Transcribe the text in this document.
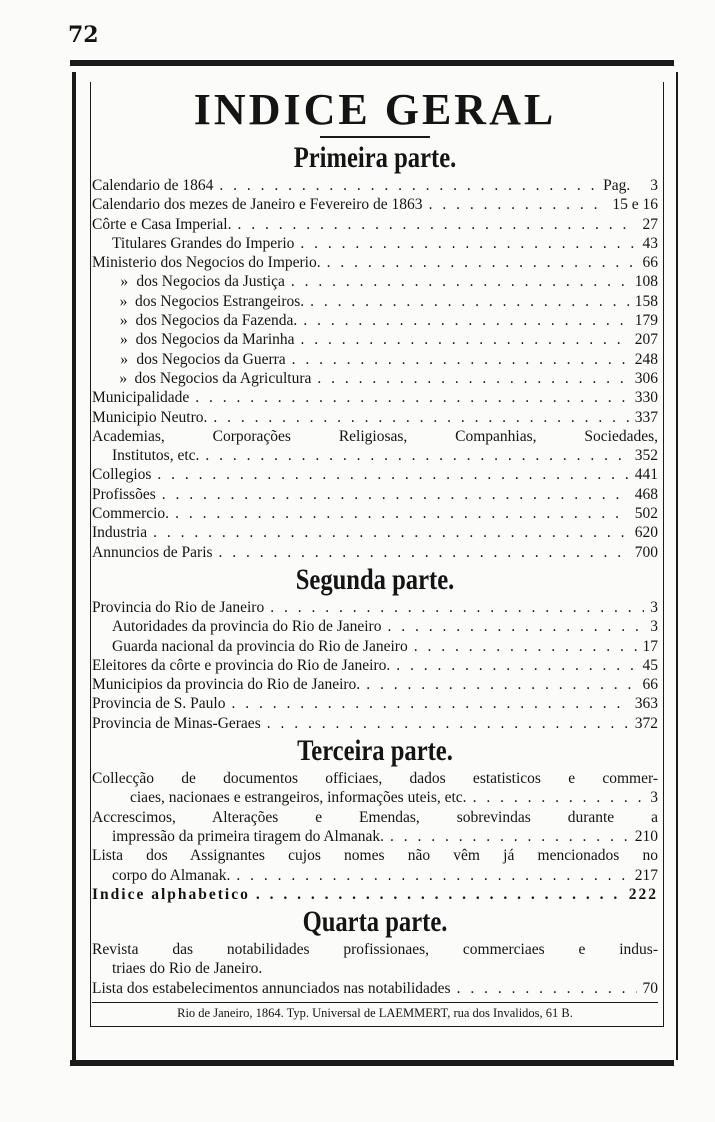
72
INDICE GERAL
Primeira parte.
Calendario de 1864 . . .	Pag. 3
Calendario dos mezes de Janeiro e Fevereiro de 1863 . . .	15 e 16
Côrte e Casa Imperial. . . .	27
Titulares Grandes do Imperio . . .	43
Ministerio dos Negocios do Imperio. . . .	66
» dos Negocios da Justiça . . .	108
» dos Negocios Estrangeiros. . . .	158
» dos Negocios da Fazenda. . . .	179
» dos Negocios da Marinha . . .	207
» dos Negocios da Guerra . . .	248
» dos Negocios da Agricultura . . .	306
Municipalidade . . .	330
Municipio Neutro. . . .	337
Academias, Corporações Religiosas, Companhias, Sociedades,
Institutos, etc. . . .	352
Collegios . . .	441
Profissões . . .	468
Commercio. . . .	502
Industria . . .	620
Annuncios de Paris . . .	700
Segunda parte.
Provincia do Rio de Janeiro . . .	3
Autoridades da provincia do Rio de Janeiro . . .	3
Guarda nacional da provincia do Rio de Janeiro . . .	17
Eleitores da côrte e provincia do Rio de Janeiro. . . .	45
Municipios da provincia do Rio de Janeiro. . . .	66
Provincia de S. Paulo . . .	363
Provincia de Minas-Geraes . . .	372
Terceira parte.
Collecção de documentos officiaes, dados estatisticos e commer-
ciaes, nacionaes e estrangeiros, informações uteis, etc. . . .	3
Accrescimos, Alterações e Emendas, sobrevindas durante a
impressão da primeira tiragem do Almanak. . . .	210
Lista dos Assignantes cujos nomes não vêm já mencionados no
corpo do Almanak. . . .	217
Indice alphabetico . . .	222
Quarta parte.
Revista das notabilidades profissionaes, commerciaes e indus-
triaes do Rio de Janeiro.
Lista dos estabelecimentos annunciados nas notabilidades . . .	70
Rio de Janeiro, 1864. Typ. Universal de LAEMMERT, rua dos Invalidos, 61 B.
